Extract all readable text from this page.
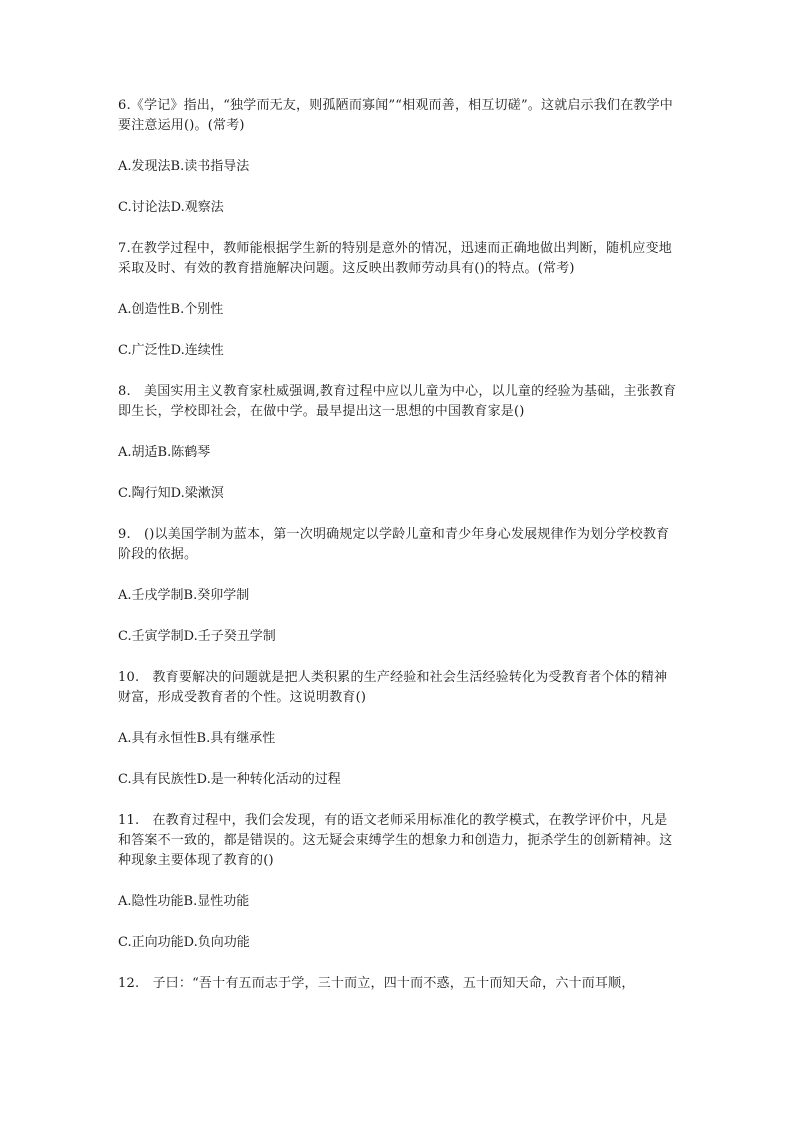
6.《学记》指出，“独学而无友，则孤陋而寡闻”“相观而善，相互切磋”。这就启示我们在教学中要注意运用()。(常考)

A.发现法B.读书指导法

C.讨论法D.观察法

7.在教学过程中，教师能根据学生新的特别是意外的情况，迅速而正确地做出判断，随机应变地采取及时、有效的教育措施解决问题。这反映出教师劳动具有()的特点。(常考)

A.创造性B.个别性

C.广泛性D.连续性

8.　美国实用主义教育家杜威强调,教育过程中应以儿童为中心，以儿童的经验为基础，主张教育即生长，学校即社会，在做中学。最早提出这一思想的中国教育家是()

A.胡适B.陈鹤琴

C.陶行知D.梁漱溟

9.　()以美国学制为蓝本，第一次明确规定以学龄儿童和青少年身心发展规律作为划分学校教育阶段的依据。

A.壬戌学制B.癸卯学制

C.壬寅学制D.壬子癸丑学制

10.　教育要解决的问题就是把人类积累的生产经验和社会生活经验转化为受教育者个体的精神财富，形成受教育者的个性。这说明教育()

A.具有永恒性B.具有继承性

C.具有民族性D.是一种转化活动的过程

11.　在教育过程中，我们会发现，有的语文老师采用标准化的教学模式，在教学评价中，凡是和答案不一致的，都是错误的。这无疑会束缚学生的想象力和创造力，扼杀学生的创新精神。这种现象主要体现了教育的()

A.隐性功能B.显性功能

C.正向功能D.负向功能

12.　子曰：“吾十有五而志于学，三十而立，四十而不惑，五十而知天命，六十而耳顺，
